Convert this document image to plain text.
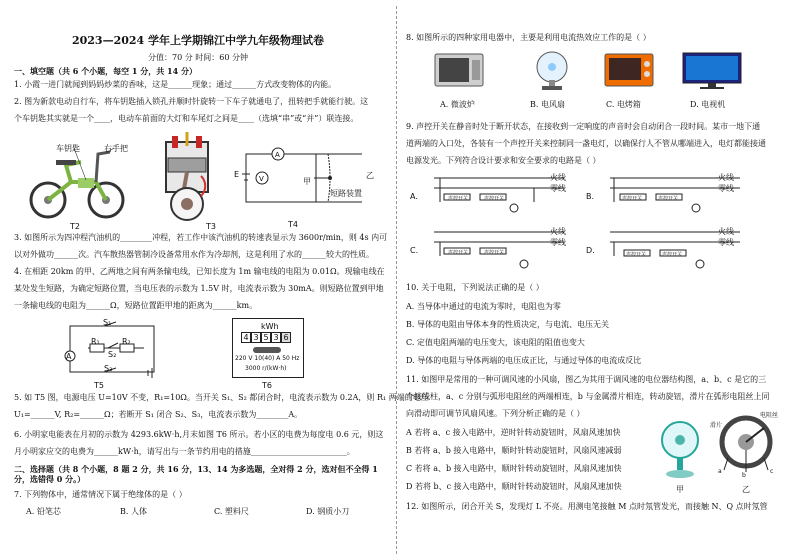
2023—2024 学年上学期锦江中学九年级物理试卷
分值：70 分 时间：60 分钟
一、填空题（共 6 个小题，每空 1 分，共 14 分）
1. 小霞一进门就闻到妈妈炒菜的香味，这是______现象；通过______方式改变物体的内能。
2. 图为新款电动自行车，将车钥匙插入锁孔并顺时针旋转一下车子就通电了，扭转把手就能行驶。这
个车钥匙其实就是一个____，电动车前面的大灯和车尾灯之间是____（选填“串”或“并”）联连接。
车钥匙	右手把
T2	T3
A
V
E
甲
乙
短路装置
T4
3. 如图所示为四冲程汽油机的________冲程，若工作中该汽油机的转速表显示为 3600r/min，则 4s 内可
以对外做功______次。汽车散热器管制冷设备常用水作为冷却剂，这是利用了水的______较大的性质。
4. 在相距 20km 的甲、乙两地之间有两条输电线，已知长度为 1m 输电线的电阻为 0.01Ω。现输电线在
某处发生短路，为确定短路位置，当电压表的示数为 1.5V 时，电流表示数为 30mA。则短路位置到甲地
一条输电线的电阻为______Ω，短路位置距甲地的距离为______km。
A
S₁
R₁	R₂
S₂
S₃
T5
kWh
4 3 5 3 6
220 V 10(40) A 50 Hz
3000 r/(kW·h)
T6
5. 如 T5 图，电源电压 U=10V 不变，R₁=10Ω。当开关 S₁、S₂ 都闭合时，电流表示数为 0.2A，则 R₁ 两端的电压
U₁=______V, R₂=______Ω；若断开 S₁ 闭合 S₂、S₃，电流表示数为________A。
6. 小明家电能表在月初的示数为 4293.6kW·h,月末如图 T6 所示。若小区的电费为每度电 0.6 元，则这
月小明家应交的电费为______kW·h，请写出与一条节约用电的措施________________________。
二、选择题（共 8 个小题，8 题 2 分，共 16 分，13、14 为多选题，全对得 2 分，选对但不全得 1 分，选错得 0 分。）
7. 下列物体中，通常情况下属于绝缘体的是（ ）
A. 铅笔芯	B. 人体	C. 塑料尺	D. 钢质小刀
8. 如图所示的四种家用电器中，主要是利用电流热效应工作的是（ ）
A. 微波炉	B. 电风扇	C. 电烤箱	D. 电视机
9. 声控开关在静音时处于断开状态，在接收到一定响度的声音时会自动闭合一段时间。某市一地下通
道两端的入口处，各装有一个声控开关来控制同一盏电灯，以确保行人不管从哪端进入，电灯都能接通
电源发光。下列符合设计要求和安全要求的电路是（ ）
A.	声控开关	声控开关
火线
零线
B.	声控开关	声控开关
火线
零线
C.	声控开关	声控开关
火线
零线
D.	声控开关	声控开关
火线
零线
10. 关于电阻，下列说法正确的是（ ）
A. 当导体中通过的电流为零时，电阻也为零
B. 导体的电阻由导体本身的性质决定，与电流、电压无关
C. 定值电阻两端的电压变大，该电阻的阻值也变大
D. 导体的电阻与导体两端的电压成正比，与通过导体的电流成反比
11. 如图甲是常用的一种可调风速的小风扇，图乙为其用于调风速的电位器结构图，a、b、c 是它的三
个接线柱，a、c 分别与弧形电阻丝的两端相连，b 与金属滑片相连，转动旋钮，滑片在弧形电阻丝上同
向滑动即可调节风扇风速。下列分析正确的是（ ）
A 若将 a、c 接入电路中，逆时针转动旋钮时，风扇风速加快
B 若将 a、b 接入电路中，顺时针转动旋钮时，风扇风速减弱
C 若将 a、b 接入电路中，顺时针转动旋钮时，风扇风速加快
D 若将 b、c 接入电路中，顺时针转动旋钮时，风扇风速加快	甲
电阻丝
滑片
a
b
c
乙
12. 如图所示，闭合开关 S，发现灯 L 不亮。用测电笔接触 M 点时氖管发光，而接触 N、Q 点时氖管
